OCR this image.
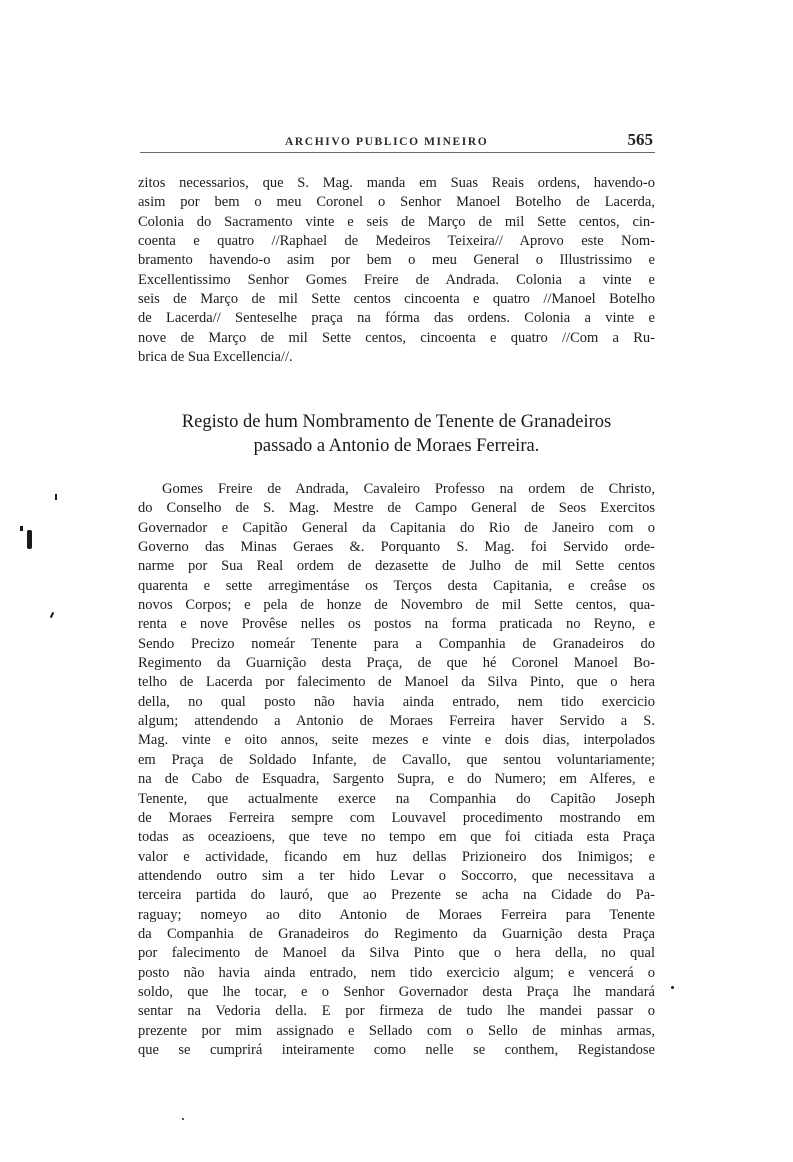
ARCHIVO PUBLICO MINEIRO	565
zitos necessarios, que S. Mag. manda em Suas Reais ordens, havendo-o
asim por bem o meu Coronel o Senhor Manoel Botelho de Lacerda,
Colonia do Sacramento vinte e seis de Março de mil Sette centos, cin-
coenta e quatro //Raphael de Medeiros Teixeira// Aprovo este Nom-
bramento havendo-o asim por bem o meu General o Illustrissimo e
Excellentissimo Senhor Gomes Freire de Andrada. Colonia a vinte e
seis de Março de mil Sette centos cincoenta e quatro //Manoel Botelho
de Lacerda// Senteselhe praça na fórma das ordens. Colonia a vinte e
nove de Março de mil Sette centos, cincoenta e quatro //Com a Ru-
brica de Sua Excellencia//.
Registo de hum Nombramento de Tenente de Granadeiros
passado a Antonio de Moraes Ferreira.
Gomes Freire de Andrada, Cavaleiro Professo na ordem de Christo,
do Conselho de S. Mag. Mestre de Campo General de Seos Exercitos
Governador e Capitão General da Capitania do Rio de Janeiro com o
Governo das Minas Geraes &. Porquanto S. Mag. foi Servido orde-
narme por Sua Real ordem de dezasette de Julho de mil Sette centos
quarenta e sette arregimentáse os Terços desta Capitania, e creâse os
novos Corpos; e pela de honze de Novembro de mil Sette centos, qua-
renta e nove Provêse nelles os postos na forma praticada no Reyno, e
Sendo Precizo nomeár Tenente para a Companhia de Granadeiros do
Regimento da Guarnição desta Praça, de que hé Coronel Manoel Bo-
telho de Lacerda por falecimento de Manoel da Silva Pinto, que o hera
della, no qual posto não havia ainda entrado, nem tido exercicio
algum; attendendo a Antonio de Moraes Ferreira haver Servido a S.
Mag. vinte e oito annos, seite mezes e vinte e dois dias, interpolados
em Praça de Soldado Infante, de Cavallo, que sentou voluntariamente;
na de Cabo de Esquadra, Sargento Supra, e do Numero; em Alferes, e
Tenente, que actualmente exerce na Companhia do Capitão Joseph
de Moraes Ferreira sempre com Louvavel procedimento mostrando em
todas as oceazioens, que teve no tempo em que foi citiada esta Praça
valor e actividade, ficando em huz dellas Prizioneiro dos Inimigos; e
attendendo outro sim a ter hido Levar o Soccorro, que necessitava a
terceira partida do lauró, que ao Prezente se acha na Cidade do Pa-
raguay; nomeyo ao dito Antonio de Moraes Ferreira para Tenente
da Companhia de Granadeiros do Regimento da Guarnição desta Praça
por falecimento de Manoel da Silva Pinto que o hera della, no qual
posto não havia ainda entrado, nem tido exercicio algum; e vencerá o
soldo, que lhe tocar, e o Senhor Governador desta Praça lhe mandará
sentar na Vedoria della. E por firmeza de tudo lhe mandei passar o
prezente por mim assignado e Sellado com o Sello de minhas armas,
que se cumprirá inteiramente como nelle se conthem, Registandose
